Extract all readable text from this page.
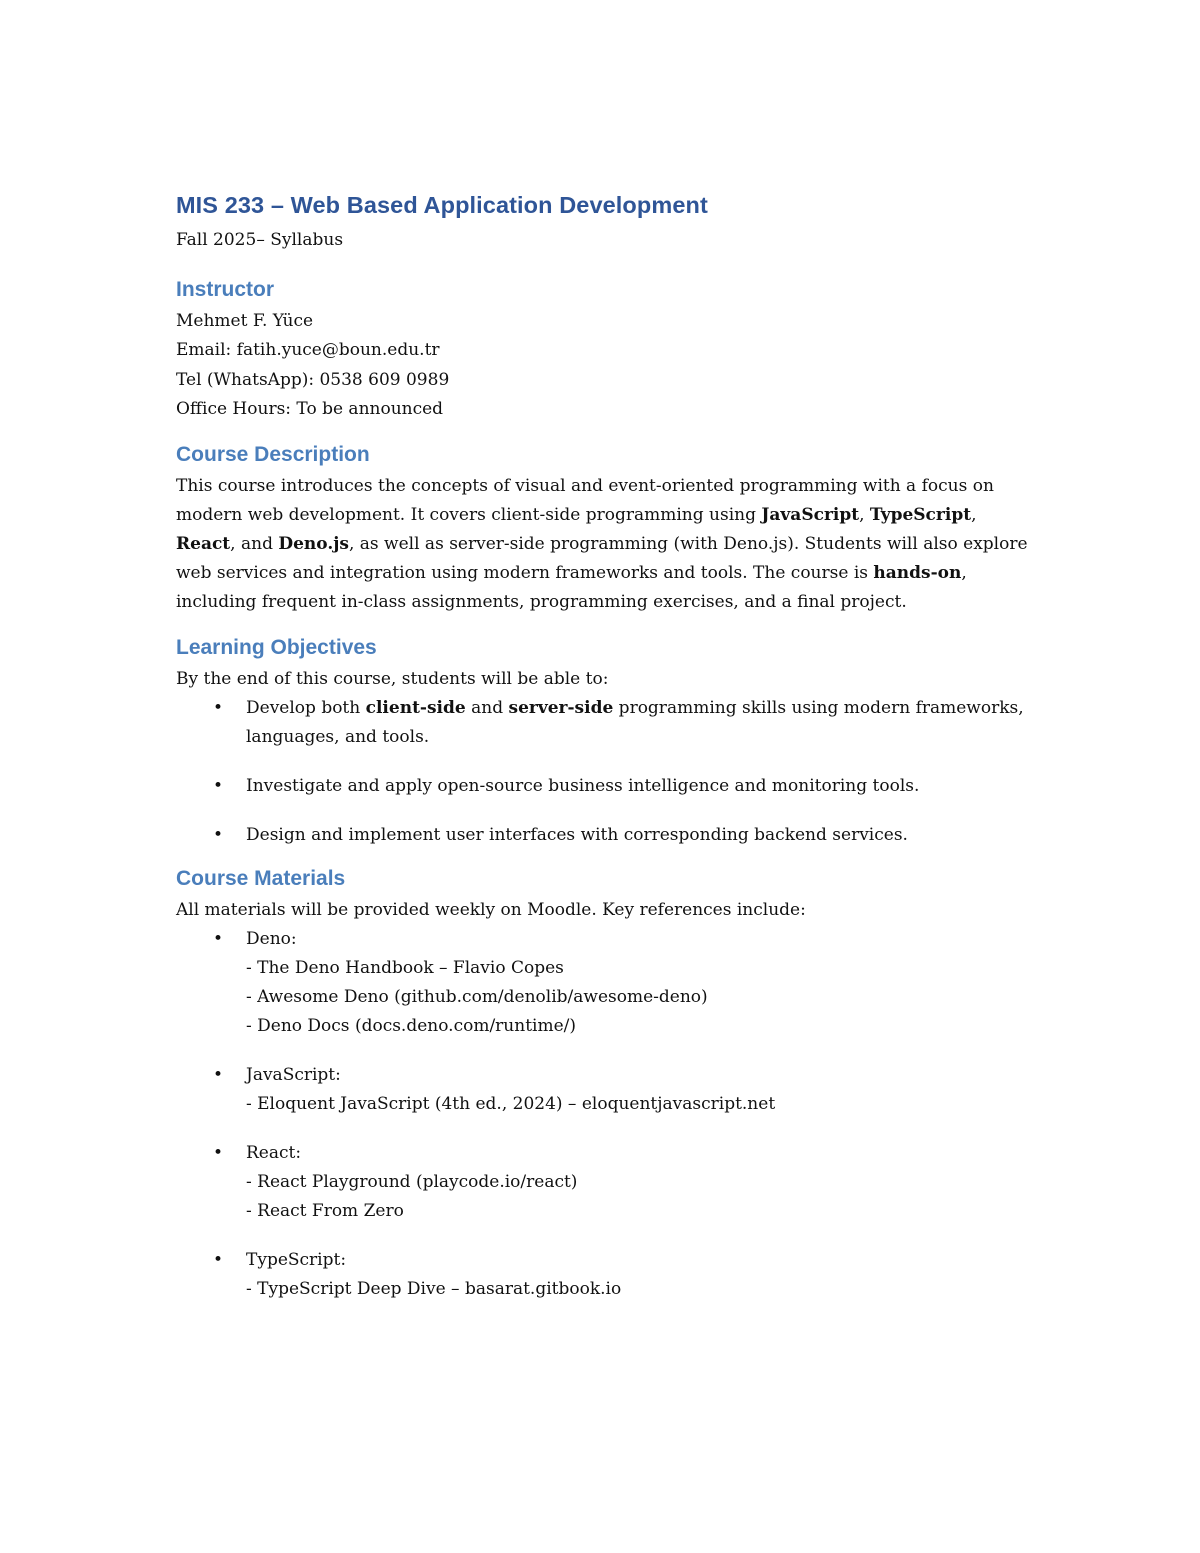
MIS 233 – Web Based Application Development

Fall 2025– Syllabus

Instructor

Mehmet F. Yüce

Email: fatih.yuce@boun.edu.tr

Tel (WhatsApp): 0538 609 0989

Office Hours: To be announced

Course Description

This course introduces the concepts of visual and event-oriented programming with a focus on modern web development. It covers client-side programming using JavaScript, TypeScript, React, and Deno.js, as well as server-side programming (with Deno.js). Students will also explore web services and integration using modern frameworks and tools. The course is hands-on, including frequent in-class assignments, programming exercises, and a final project.

Learning Objectives

By the end of this course, students will be able to:

• Develop both client-side and server-side programming skills using modern frameworks, languages, and tools.
• Investigate and apply open-source business intelligence and monitoring tools.
• Design and implement user interfaces with corresponding backend services.
Course Materials

All materials will be provided weekly on Moodle. Key references include:

• Deno:
- The Deno Handbook – Flavio Copes
- Awesome Deno (github.com/denolib/awesome-deno)
- Deno Docs (docs.deno.com/runtime/)
• JavaScript:
- Eloquent JavaScript (4th ed., 2024) – eloquentjavascript.net
• React:
- React Playground (playcode.io/react)
- React From Zero
• TypeScript:
- TypeScript Deep Dive – basarat.gitbook.io
